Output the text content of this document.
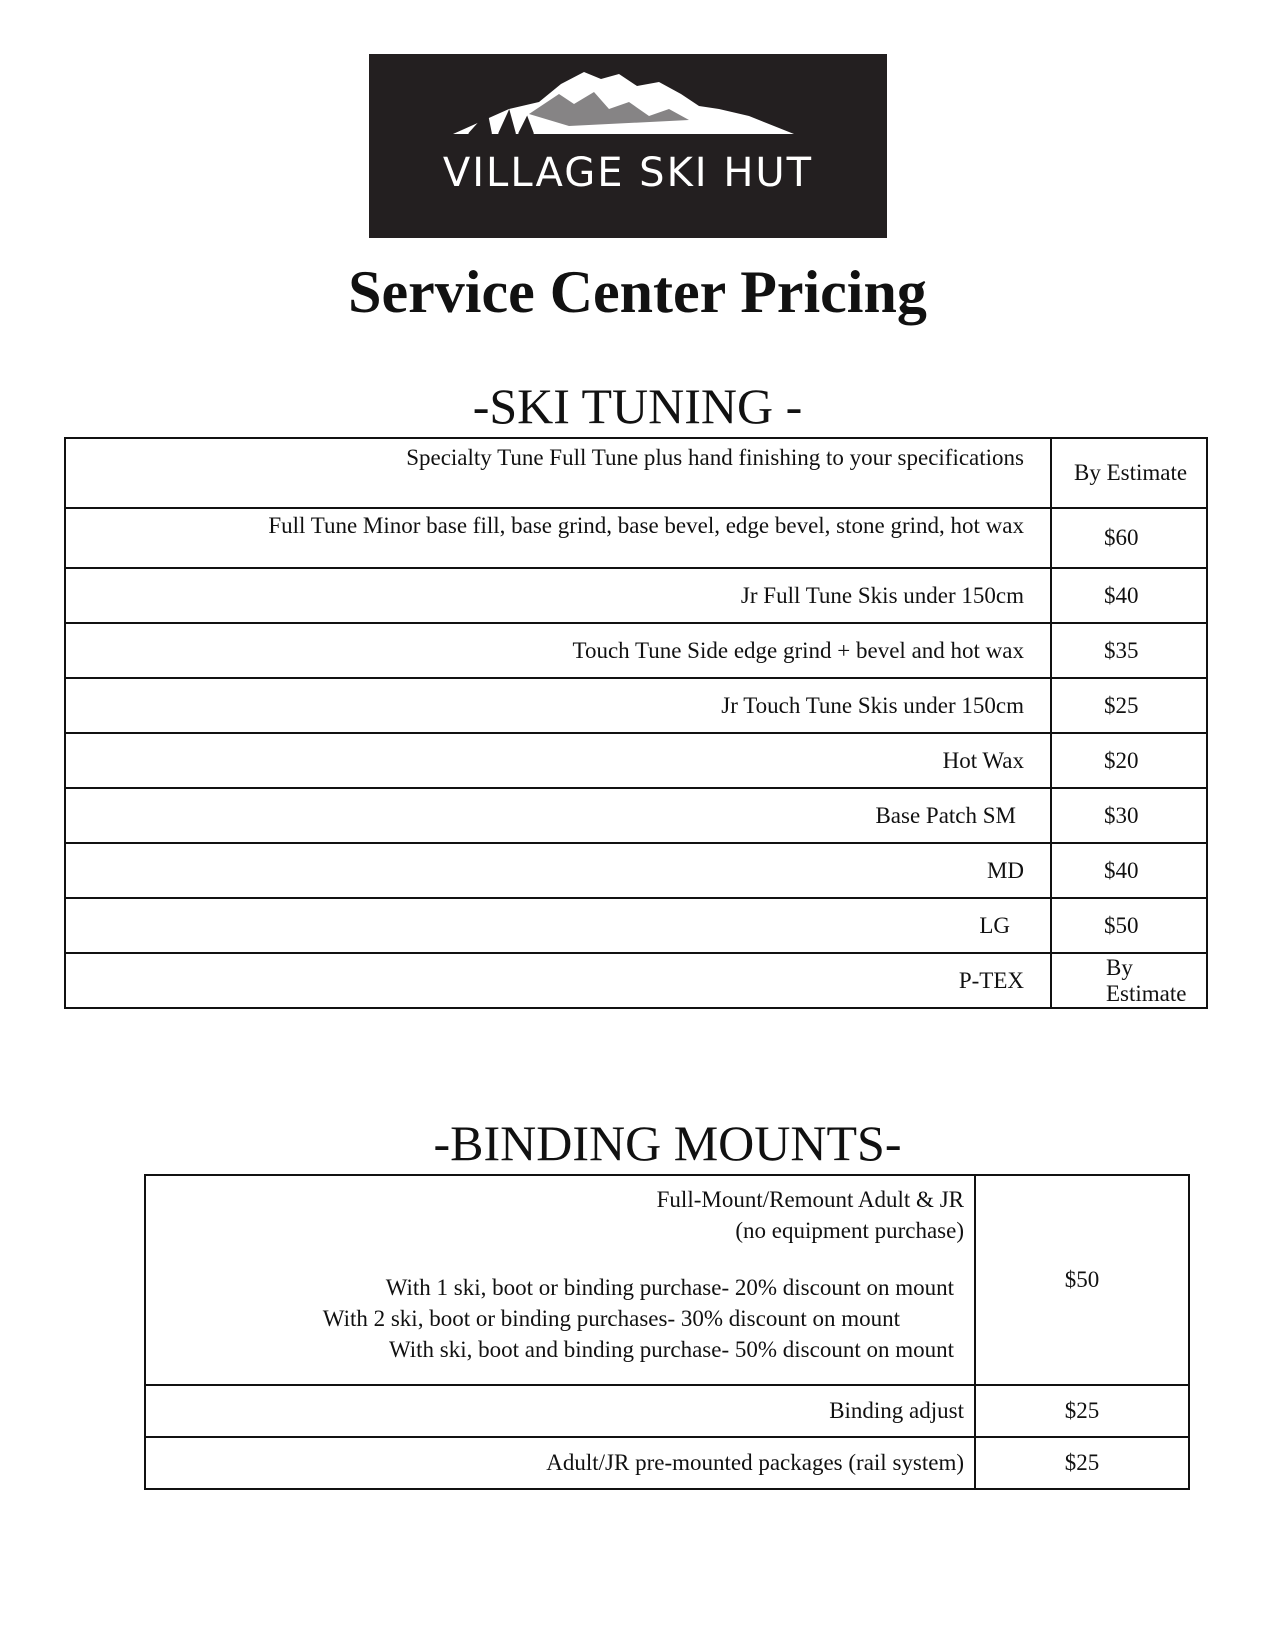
VILLAGE SKI HUT
Service Center Pricing
-SKI TUNING -
Specialty Tune Full Tune plus hand finishing to your specifications	By Estimate
Full Tune Minor base fill, base grind, base bevel, edge bevel, stone grind, hot wax	$60
Jr Full Tune Skis under 150cm	$40
Touch Tune Side edge grind + bevel and hot wax	$35
Jr Touch Tune Skis under 150cm	$25
Hot Wax	$20
Base Patch SM	$30
MD	$40
LG	$50
P-TEX	By Estimate
-BINDING MOUNTS-
Full-Mount/Remount Adult & JR
(no equipment purchase)
With 1 ski, boot or binding purchase- 20% discount on mount
With 2 ski, boot or binding purchases- 30% discount on mount
With ski, boot and binding purchase- 50% discount on mount	$50
Binding adjust	$25
Adult/JR pre-mounted packages (rail system)	$25
